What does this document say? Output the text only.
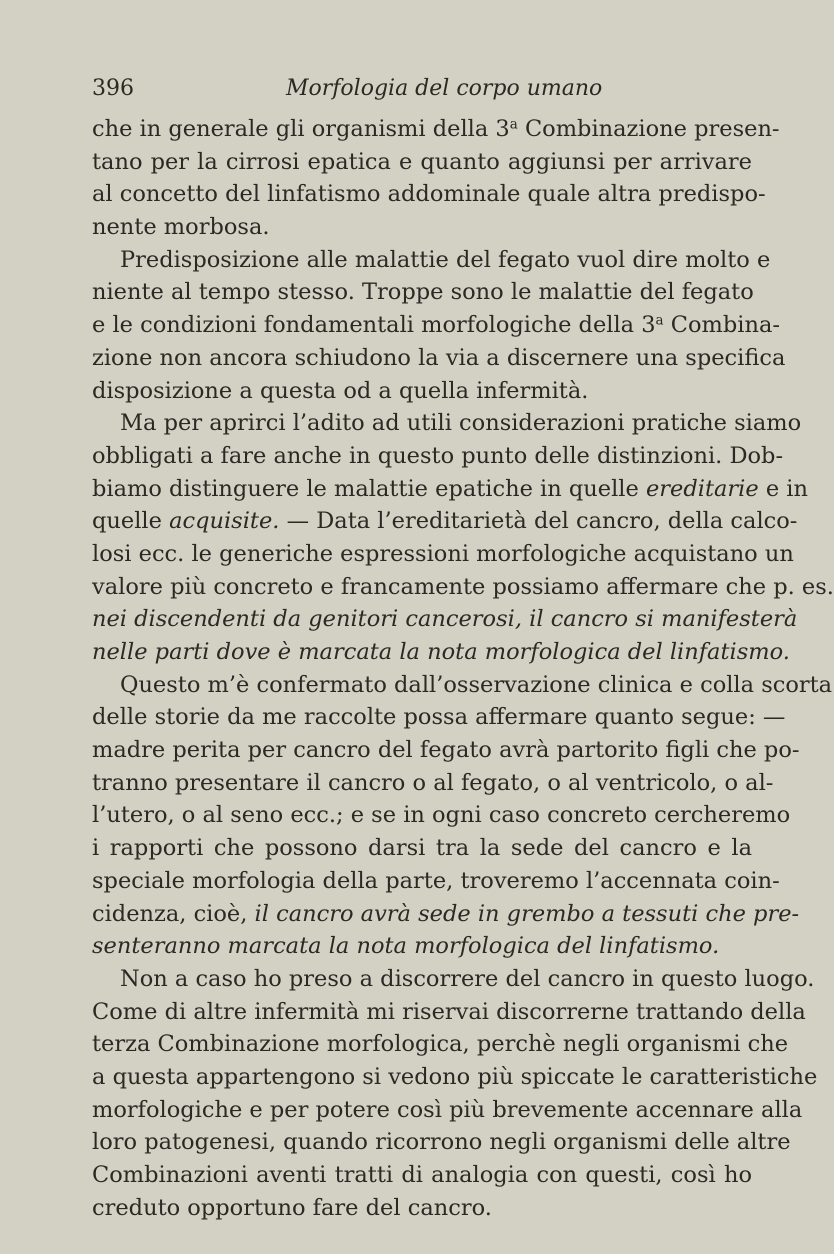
396	Morfologia del corpo umano
che in generale gli organismi della 3$^a$ Combinazione presen-
tano per la cirrosi epatica e quanto aggiunsi per arrivare
al concetto del linfatismo addominale quale altra predispo-
nente morbosa.
Predisposizione alle malattie del fegato vuol dire molto e
niente al tempo stesso. Troppe sono le malattie del fegato
e le condizioni fondamentali morfologiche della 3$^a$ Combina-
zione non ancora schiudono la via a discernere una specifica
disposizione a questa od a quella infermità.
Ma per aprirci l’adito ad utili considerazioni pratiche siamo
obbligati a fare anche in questo punto delle distinzioni. Dob-
biamo distinguere le malattie epatiche in quelle ereditarie e in
quelle acquisite. — Data l’ereditarietà del cancro, della calco-
losi ecc. le generiche espressioni morfologiche acquistano un
valore più concreto e francamente possiamo affermare che p. es.
nei discendenti da genitori cancerosi, il cancro si manifesterà
nelle parti dove è marcata la nota morfologica del linfatismo.
Questo m’è confermato dall’osservazione clinica e colla scorta
delle storie da me raccolte possa affermare quanto segue: —
madre perita per cancro del fegato avrà partorito figli che po-
tranno presentare il cancro o al fegato, o al ventricolo, o al-
l’utero, o al seno ecc.; e se in ogni caso concreto cercheremo
i rapporti che possono darsi tra la sede del cancro e la
speciale morfologia della parte, troveremo l’accennata coin-
cidenza, cioè, il cancro avrà sede in grembo a tessuti che pre-
senteranno marcata la nota morfologica del linfatismo.
Non a caso ho preso a discorrere del cancro in questo luogo.
Come di altre infermità mi riservai discorrerne trattando della
terza Combinazione morfologica, perchè negli organismi che
a questa appartengono si vedono più spiccate le caratteristiche
morfologiche e per potere così più brevemente accennare alla
loro patogenesi, quando ricorrono negli organismi delle altre
Combinazioni aventi tratti di analogia con questi, così ho
creduto opportuno fare del cancro.
